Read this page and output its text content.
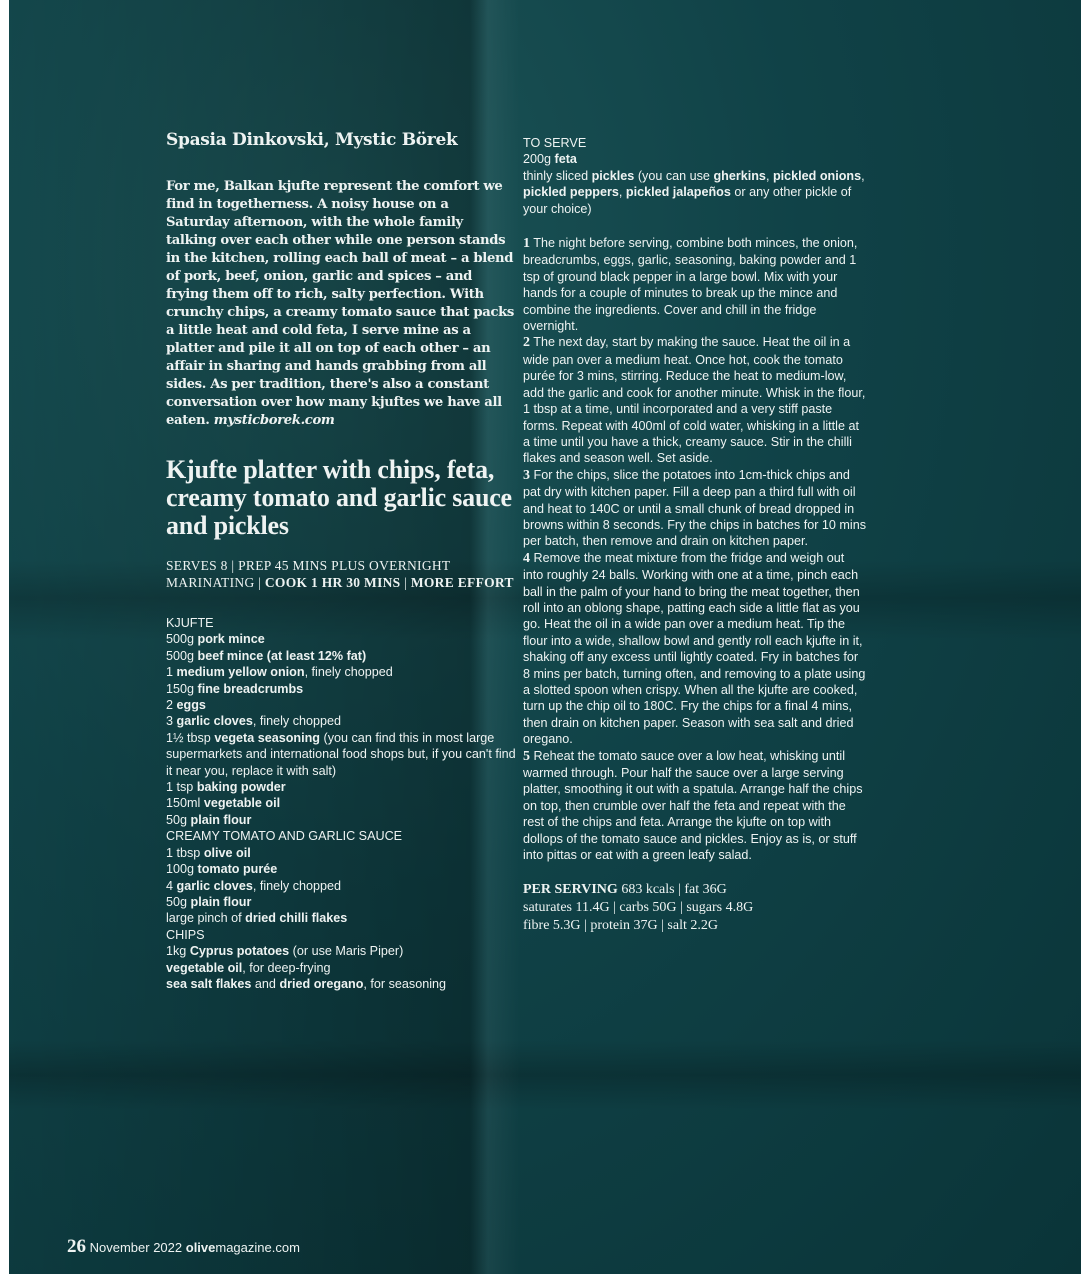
Spasia Dinkovski, Mystic Börek

For me, Balkan kjufte represent the comfort we find in togetherness. A noisy house on a Saturday afternoon, with the whole family talking over each other while one person stands in the kitchen, rolling each ball of meat – a blend of pork, beef, onion, garlic and spices – and frying them off to rich, salty perfection. With crunchy chips, a creamy tomato sauce that packs a little heat and cold feta, I serve mine as a platter and pile it all on top of each other – an affair in sharing and hands grabbing from all sides. As per tradition, there's also a constant conversation over how many kjuftes we have all eaten. mysticborek.com

Kjufte platter with chips, feta, creamy tomato and garlic sauce and pickles
SERVES 8 | PREP 45 MINS PLUS OVERNIGHT MARINATING | COOK 1 HR 30 MINS | MORE EFFORT
KJUFTE
500g pork mince
500g beef mince (at least 12% fat)
1 medium yellow onion, finely chopped
150g fine breadcrumbs
2 eggs
3 garlic cloves, finely chopped
1½ tbsp vegeta seasoning (you can find this in most large supermarkets and international food shops but, if you can't find it near you, replace it with salt)
1 tsp baking powder
150ml vegetable oil
50g plain flour
CREAMY TOMATO AND GARLIC SAUCE
1 tbsp olive oil
100g tomato purée
4 garlic cloves, finely chopped
50g plain flour
large pinch of dried chilli flakes
CHIPS
1kg Cyprus potatoes (or use Maris Piper)
vegetable oil, for deep-frying
sea salt flakes and dried oregano, for seasoning
TO SERVE
200g feta
thinly sliced pickles (you can use gherkins, pickled onions, pickled peppers, pickled jalapeños or any other pickle of your choice)

1 The night before serving, combine both minces, the onion, breadcrumbs, eggs, garlic, seasoning, baking powder and 1 tsp of ground black pepper in a large bowl. Mix with your hands for a couple of minutes to break up the mince and combine the ingredients. Cover and chill in the fridge overnight.

2 The next day, start by making the sauce. Heat the oil in a wide pan over a medium heat. Once hot, cook the tomato purée for 3 mins, stirring. Reduce the heat to medium-low, add the garlic and cook for another minute. Whisk in the flour, 1 tbsp at a time, until incorporated and a very stiff paste forms. Repeat with 400ml of cold water, whisking in a little at a time until you have a thick, creamy sauce. Stir in the chilli flakes and season well. Set aside.

3 For the chips, slice the potatoes into 1cm-thick chips and pat dry with kitchen paper. Fill a deep pan a third full with oil and heat to 140C or until a small chunk of bread dropped in browns within 8 seconds. Fry the chips in batches for 10 mins per batch, then remove and drain on kitchen paper.

4 Remove the meat mixture from the fridge and weigh out into roughly 24 balls. Working with one at a time, pinch each ball in the palm of your hand to bring the meat together, then roll into an oblong shape, patting each side a little flat as you go. Heat the oil in a wide pan over a medium heat. Tip the flour into a wide, shallow bowl and gently roll each kjufte in it, shaking off any excess until lightly coated. Fry in batches for 8 mins per batch, turning often, and removing to a plate using a slotted spoon when crispy. When all the kjufte are cooked, turn up the chip oil to 180C. Fry the chips for a final 4 mins, then drain on kitchen paper. Season with sea salt and dried oregano.

5 Reheat the tomato sauce over a low heat, whisking until warmed through. Pour half the sauce over a large serving platter, smoothing it out with a spatula. Arrange half the chips on top, then crumble over half the feta and repeat with the rest of the chips and feta. Arrange the kjufte on top with dollops of the tomato sauce and pickles. Enjoy as is, or stuff into pittas or eat with a green leafy salad.

PER SERVING 683 kcals | fat 36G
saturates 11.4G | carbs 50G | sugars 4.8G
fibre 5.3G | protein 37G | salt 2.2G
26 November 2022 olivemagazine.com
